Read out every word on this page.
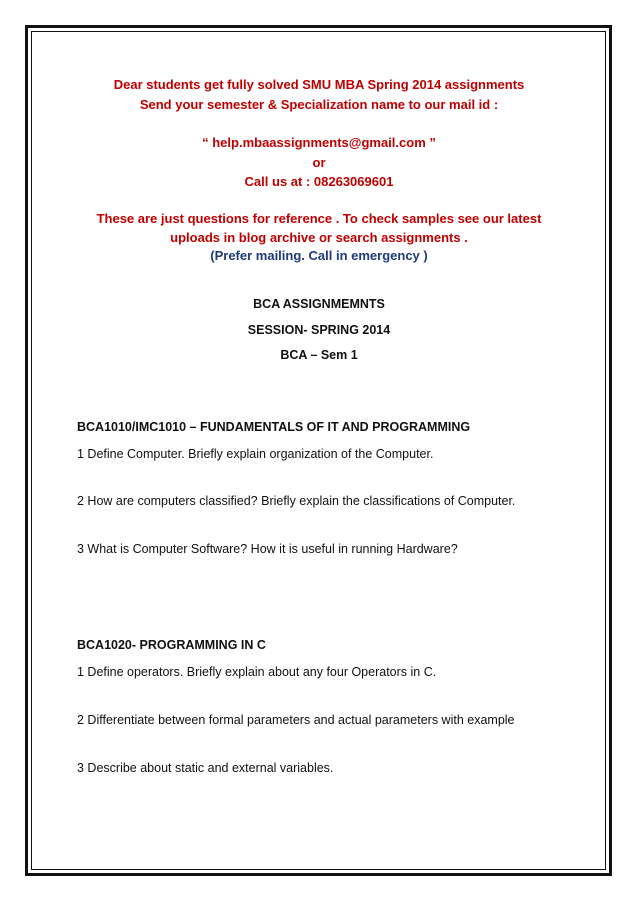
Dear students get fully solved SMU MBA Spring 2014 assignments
Send your semester & Specialization name to our mail id :
“ help.mbaassignments@gmail.com ”
or
Call us at : 08263069601
These are just questions for reference . To check samples see our latest
uploads in blog archive or search assignments .
(Prefer mailing. Call in emergency )
BCA ASSIGNMEMNTS
SESSION- SPRING 2014
BCA – Sem 1
BCA1010/IMC1010 – FUNDAMENTALS OF IT AND PROGRAMMING
1 Define Computer. Briefly explain organization of the Computer.
2 How are computers classified? Briefly explain the classifications of Computer.
3 What is Computer Software? How it is useful in running Hardware?
BCA1020- PROGRAMMING IN C
1 Define operators. Briefly explain about any four Operators in C.
2 Differentiate between formal parameters and actual parameters with example
3 Describe about static and external variables.
